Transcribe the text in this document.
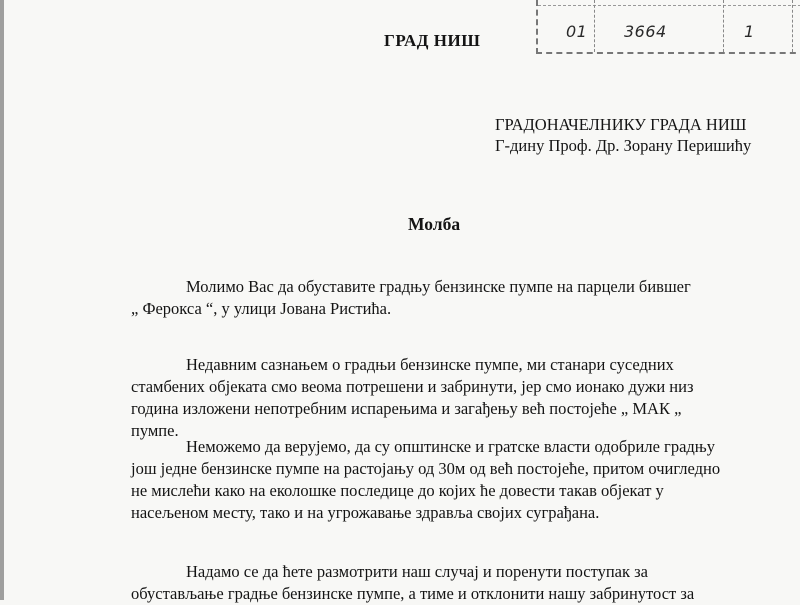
01 3664	1
ГРАД НИШ
ГРАДОНАЧЕЛНИКУ ГРАДА НИШ
Г-дину Проф. Др. Зорану Перишићу
Молба
Молимо Вас да обуставите градњу бензинске пумпе на парцели бившег
„ Ферокса “, у улици Јована Ристића.
Недавним сазнањем о градњи бензинске пумпе, ми станари суседних
стамбених објеката смо веома потрешени и забринути, јер смо ионако дужи низ
година изложени непотребним испарењима и загађењу већ постојеће „ МАК „
пумпе.
Неможемо да верујемо, да су општинске и гратске власти одобриле градњу
још једне бензинске пумпе на растојању од 30м од већ постојеће, притом очигледно
не мислећи како на еколошке последице до којих ће довести такав објекат у
насељеном месту, тако и на угрожавање здравља својих суграђана.
Надамо се да ћете размотрити наш случај и поренути поступак за
обустављање градње бензинске пумпе, а тиме и отклонити нашу забринутост за
